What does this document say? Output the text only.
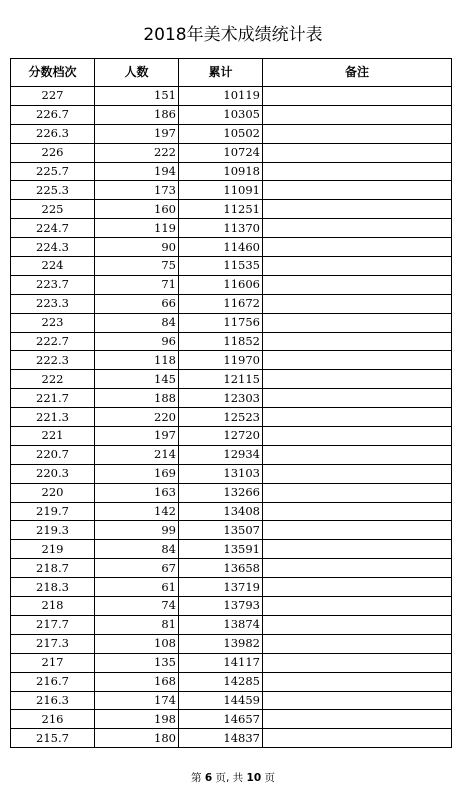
2018年美术成绩统计表
分数档次	人数	累计	备注
227	151	10119	
226.7	186	10305	
226.3	197	10502	
226	222	10724	
225.7	194	10918	
225.3	173	11091	
225	160	11251	
224.7	119	11370	
224.3	90	11460	
224	75	11535	
223.7	71	11606	
223.3	66	11672	
223	84	11756	
222.7	96	11852	
222.3	118	11970	
222	145	12115	
221.7	188	12303	
221.3	220	12523	
221	197	12720	
220.7	214	12934	
220.3	169	13103	
220	163	13266	
219.7	142	13408	
219.3	99	13507	
219	84	13591	
218.7	67	13658	
218.3	61	13719	
218	74	13793	
217.7	81	13874	
217.3	108	13982	
217	135	14117	
216.7	168	14285	
216.3	174	14459	
216	198	14657	
215.7	180	14837	
第 6 页, 共 10 页
